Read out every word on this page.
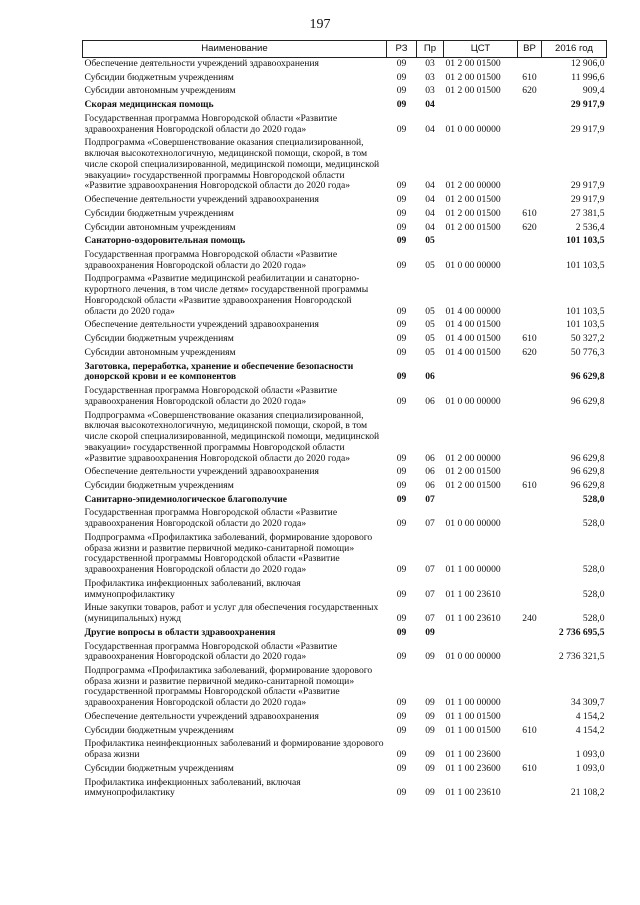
197
Наименование	РЗ	Пр	ЦСТ	ВР	2016 год
Обеспечение деятельности учреждений здравоохранения	09	03	01 2 00 01500		12 906,0
Субсидии бюджетным учреждениям	09	03	01 2 00 01500	610	11 996,6
Субсидии автономным учреждениям	09	03	01 2 00 01500	620	909,4
Скорая медицинская помощь	09	04			29 917,9
Государственная программа Новгородской области «Развитие здравоохранения Новгородской области до 2020 года»	09	04	01 0 00 00000		29 917,9
Подпрограмма «Совершенствование оказания специализированной, включая высокотехнологичную, медицинской помощи, скорой, в том числе скорой специализированной, медицинской помощи, медицинской эвакуации» государственной программы Новгородской области «Развитие здравоохранения Новгородской области до 2020 года»	09	04	01 2 00 00000		29 917,9
Обеспечение деятельности учреждений здравоохранения	09	04	01 2 00 01500		29 917,9
Субсидии бюджетным учреждениям	09	04	01 2 00 01500	610	27 381,5
Субсидии автономным учреждениям	09	04	01 2 00 01500	620	2 536,4
Санаторно-оздоровительная помощь	09	05			101 103,5
Государственная программа Новгородской области «Развитие здравоохранения Новгородской области до 2020 года»	09	05	01 0 00 00000		101 103,5
Подпрограмма «Развитие медицинской реабилитации и санаторно-курортного лечения, в том числе детям» государственной программы Новгородской области «Развитие здравоохранения Новгородской области до 2020 года»	09	05	01 4 00 00000		101 103,5
Обеспечение деятельности учреждений здравоохранения	09	05	01 4 00 01500		101 103,5
Субсидии бюджетным учреждениям	09	05	01 4 00 01500	610	50 327,2
Субсидии автономным учреждениям	09	05	01 4 00 01500	620	50 776,3
Заготовка, переработка, хранение и обеспечение безопасности донорской крови и ее компонентов	09	06			96 629,8
Государственная программа Новгородской области «Развитие здравоохранения Новгородской области до 2020 года»	09	06	01 0 00 00000		96 629,8
Подпрограмма «Совершенствование оказания специализированной, включая высокотехнологичную, медицинской помощи, скорой, в том числе скорой специализированной, медицинской помощи, медицинской эвакуации» государственной программы Новгородской области «Развитие здравоохранения Новгородской области до 2020 года»	09	06	01 2 00 00000		96 629,8
Обеспечение деятельности учреждений здравоохранения	09	06	01 2 00 01500		96 629,8
Субсидии бюджетным учреждениям	09	06	01 2 00 01500	610	96 629,8
Санитарно-эпидемиологическое благополучие	09	07			528,0
Государственная программа Новгородской области «Развитие здравоохранения Новгородской области до 2020 года»	09	07	01 0 00 00000		528,0
Подпрограмма «Профилактика заболеваний, формирование здорового образа жизни и развитие первичной медико-санитарной помощи» государственной программы Новгородской области «Развитие здравоохранения Новгородской области до 2020 года»	09	07	01 1 00 00000		528,0
Профилактика инфекционных заболеваний, включая иммунопрофилактику	09	07	01 1 00 23610		528,0
Иные закупки товаров, работ и услуг для обеспечения государственных (муниципальных) нужд	09	07	01 1 00 23610	240	528,0
Другие вопросы в области здравоохранения	09	09			2 736 695,5
Государственная программа Новгородской области «Развитие здравоохранения Новгородской области до 2020 года»	09	09	01 0 00 00000		2 736 321,5
Подпрограмма «Профилактика заболеваний, формирование здорового образа жизни и развитие первичной медико-санитарной помощи» государственной программы Новгородской области «Развитие здравоохранения Новгородской области до 2020 года»	09	09	01 1 00 00000		34 309,7
Обеспечение деятельности учреждений здравоохранения	09	09	01 1 00 01500		4 154,2
Субсидии бюджетным учреждениям	09	09	01 1 00 01500	610	4 154,2
Профилактика неинфекционных заболеваний и формирование здорового образа жизни	09	09	01 1 00 23600		1 093,0
Субсидии бюджетным учреждениям	09	09	01 1 00 23600	610	1 093,0
Профилактика инфекционных заболеваний, включая иммунопрофилактику	09	09	01 1 00 23610		21 108,2
